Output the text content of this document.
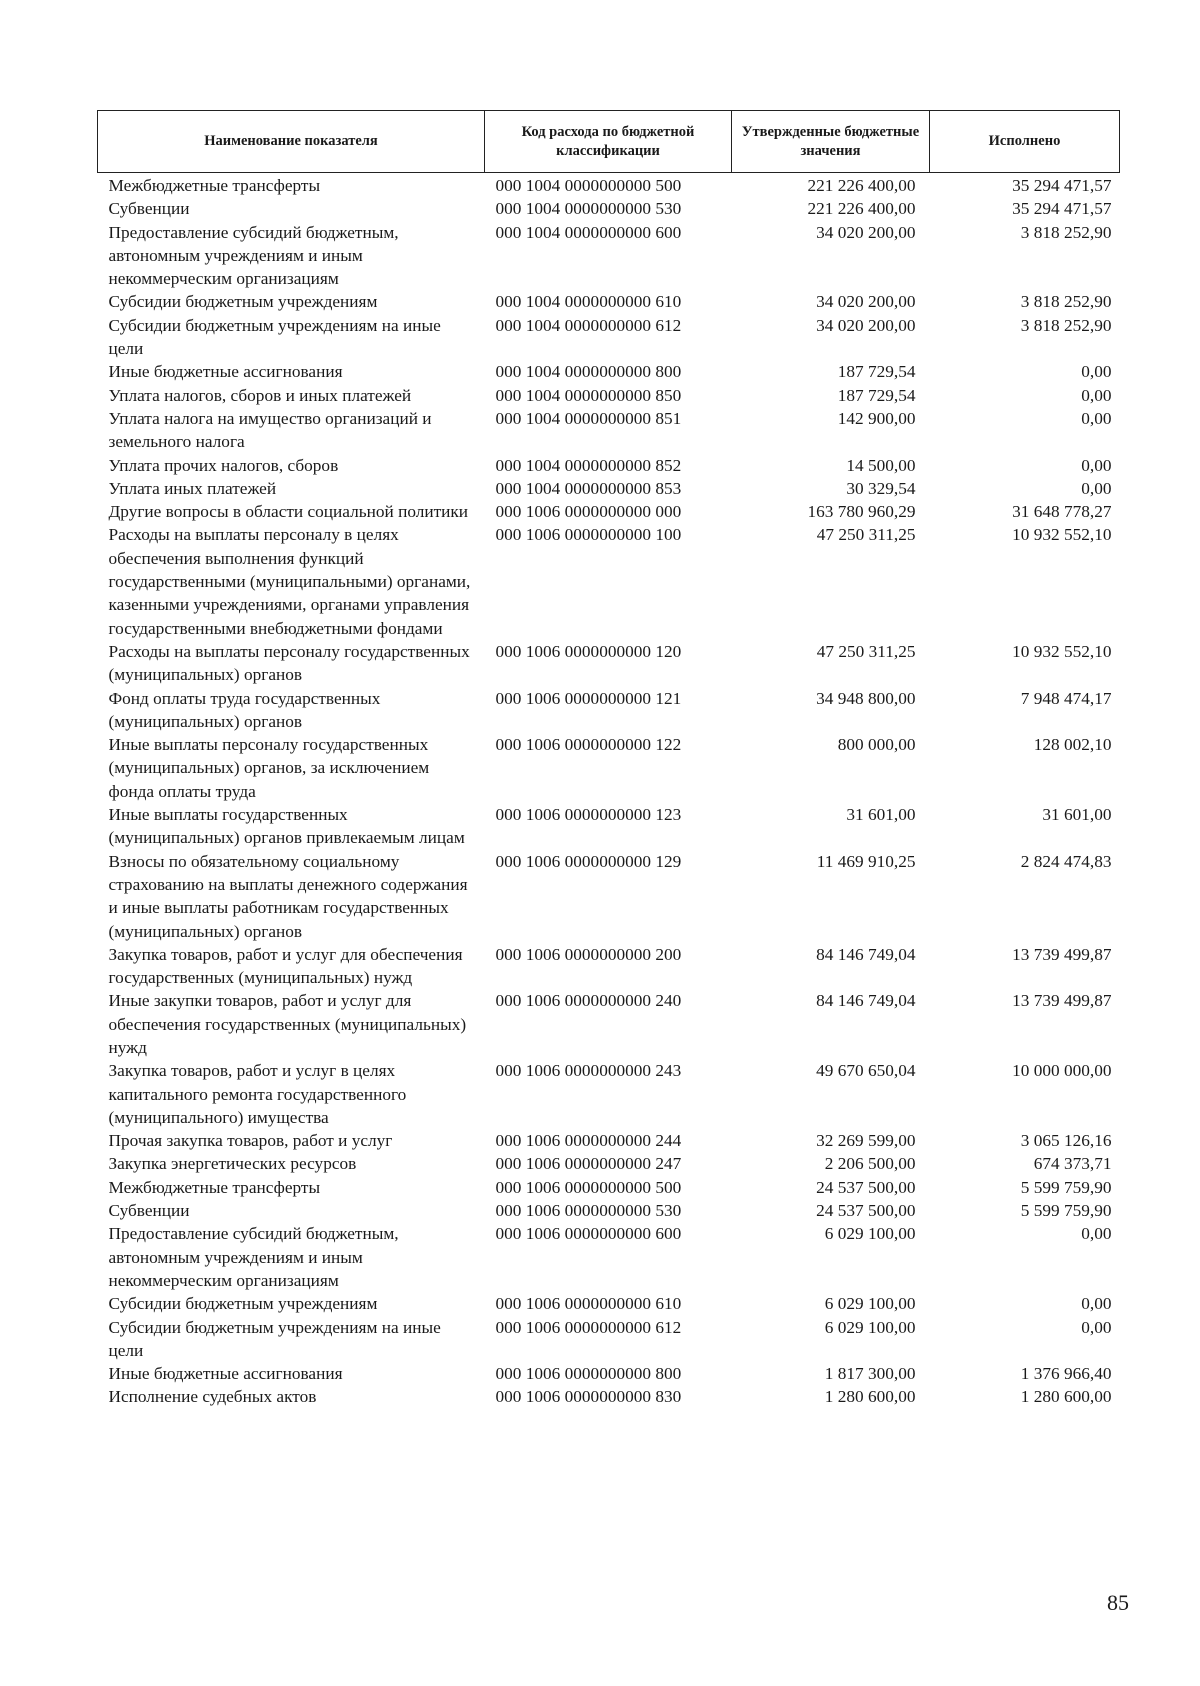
Наименование показателя	Код расхода по бюджетной классификации	Утвержденные бюджетные значения	Исполнено
Межбюджетные трансферты	000 1004 0000000000 500	221 226 400,00	35 294 471,57
Субвенции	000 1004 0000000000 530	221 226 400,00	35 294 471,57
Предоставление субсидий бюджетным, автономным учреждениям и иным некоммерческим организациям	000 1004 0000000000 600	34 020 200,00	3 818 252,90
Субсидии бюджетным учреждениям	000 1004 0000000000 610	34 020 200,00	3 818 252,90
Субсидии бюджетным учреждениям на иные цели	000 1004 0000000000 612	34 020 200,00	3 818 252,90
Иные бюджетные ассигнования	000 1004 0000000000 800	187 729,54	0,00
Уплата налогов, сборов и иных платежей	000 1004 0000000000 850	187 729,54	0,00
Уплата налога на имущество организаций и земельного налога	000 1004 0000000000 851	142 900,00	0,00
Уплата прочих налогов, сборов	000 1004 0000000000 852	14 500,00	0,00
Уплата иных платежей	000 1004 0000000000 853	30 329,54	0,00
Другие вопросы в области социальной политики	000 1006 0000000000 000	163 780 960,29	31 648 778,27
Расходы на выплаты персоналу в целях обеспечения выполнения функций государственными (муниципальными) органами, казенными учреждениями, органами управления государственными внебюджетными фондами	000 1006 0000000000 100	47 250 311,25	10 932 552,10
Расходы на выплаты персоналу государственных (муниципальных) органов	000 1006 0000000000 120	47 250 311,25	10 932 552,10
Фонд оплаты труда государственных (муниципальных) органов	000 1006 0000000000 121	34 948 800,00	7 948 474,17
Иные выплаты персоналу государственных (муниципальных) органов, за исключением фонда оплаты труда	000 1006 0000000000 122	800 000,00	128 002,10
Иные выплаты государственных (муниципальных) органов привлекаемым лицам	000 1006 0000000000 123	31 601,00	31 601,00
Взносы по обязательному социальному страхованию на выплаты денежного содержания и иные выплаты работникам государственных (муниципальных) органов	000 1006 0000000000 129	11 469 910,25	2 824 474,83
Закупка товаров, работ и услуг для обеспечения государственных (муниципальных) нужд	000 1006 0000000000 200	84 146 749,04	13 739 499,87
Иные закупки товаров, работ и услуг для обеспечения государственных (муниципальных) нужд	000 1006 0000000000 240	84 146 749,04	13 739 499,87
Закупка товаров, работ и услуг в целях капитального ремонта государственного (муниципального) имущества	000 1006 0000000000 243	49 670 650,04	10 000 000,00
Прочая закупка товаров, работ и услуг	000 1006 0000000000 244	32 269 599,00	3 065 126,16
Закупка энергетических ресурсов	000 1006 0000000000 247	2 206 500,00	674 373,71
Межбюджетные трансферты	000 1006 0000000000 500	24 537 500,00	5 599 759,90
Субвенции	000 1006 0000000000 530	24 537 500,00	5 599 759,90
Предоставление субсидий бюджетным, автономным учреждениям и иным некоммерческим организациям	000 1006 0000000000 600	6 029 100,00	0,00
Субсидии бюджетным учреждениям	000 1006 0000000000 610	6 029 100,00	0,00
Субсидии бюджетным учреждениям на иные цели	000 1006 0000000000 612	6 029 100,00	0,00
Иные бюджетные ассигнования	000 1006 0000000000 800	1 817 300,00	1 376 966,40
Исполнение судебных актов	000 1006 0000000000 830	1 280 600,00	1 280 600,00
85
